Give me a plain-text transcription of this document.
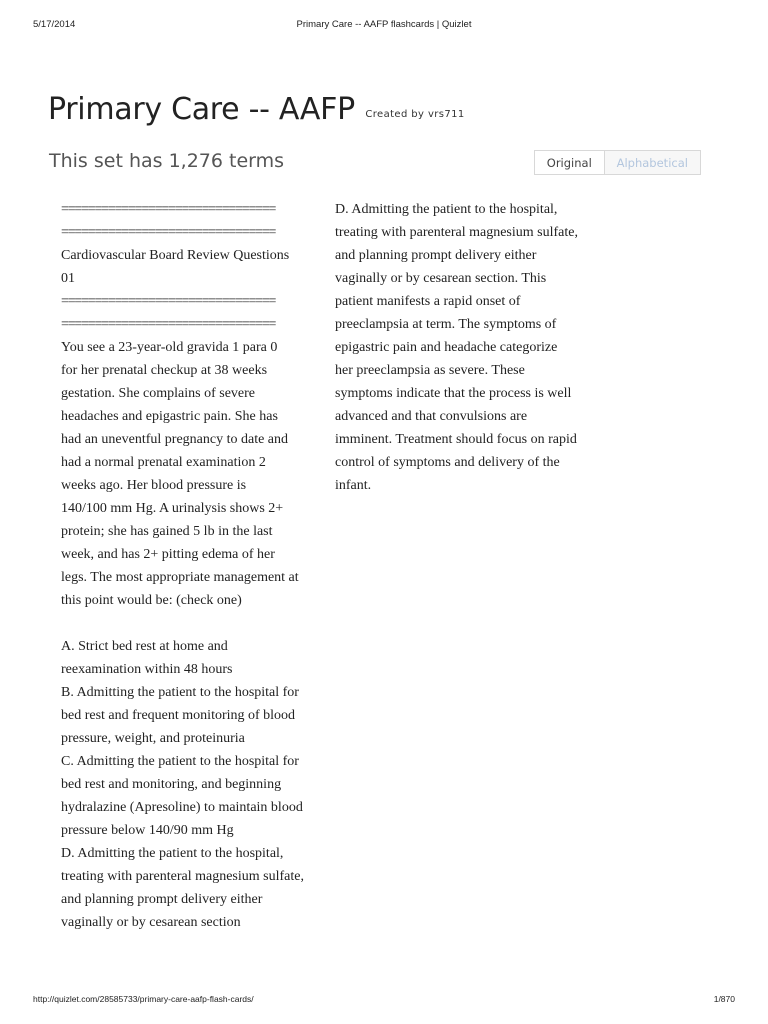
5/17/2014	Primary Care -- AAFP flashcards | Quizlet
Primary Care -- AAFP Created by vrs711
This set has 1,276 terms	Original	Alphabetical
================================
================================
Cardiovascular Board Review Questions
01
================================
================================
You see a 23-year-old gravida 1 para 0
for her prenatal checkup at 38 weeks
gestation. She complains of severe
headaches and epigastric pain. She has
had an uneventful pregnancy to date and
had a normal prenatal examination 2
weeks ago. Her blood pressure is
140/100 mm Hg. A urinalysis shows 2+
protein; she has gained 5 lb in the last
week, and has 2+ pitting edema of her
legs. The most appropriate management at
this point would be: (check one)
A. Strict bed rest at home and
reexamination within 48 hours
B. Admitting the patient to the hospital for
bed rest and frequent monitoring of blood
pressure, weight, and proteinuria
C. Admitting the patient to the hospital for
bed rest and monitoring, and beginning
hydralazine (Apresoline) to maintain blood
pressure below 140/90 mm Hg
D. Admitting the patient to the hospital,
treating with parenteral magnesium sulfate,
and planning prompt delivery either
vaginally or by cesarean section
D. Admitting the patient to the hospital,
treating with parenteral magnesium sulfate,
and planning prompt delivery either
vaginally or by cesarean section. This
patient manifests a rapid onset of
preeclampsia at term. The symptoms of
epigastric pain and headache categorize
her preeclampsia as severe. These
symptoms indicate that the process is well
advanced and that convulsions are
imminent. Treatment should focus on rapid
control of symptoms and delivery of the
infant.
http://quizlet.com/28585733/primary-care-aafp-flash-cards/	1/870
